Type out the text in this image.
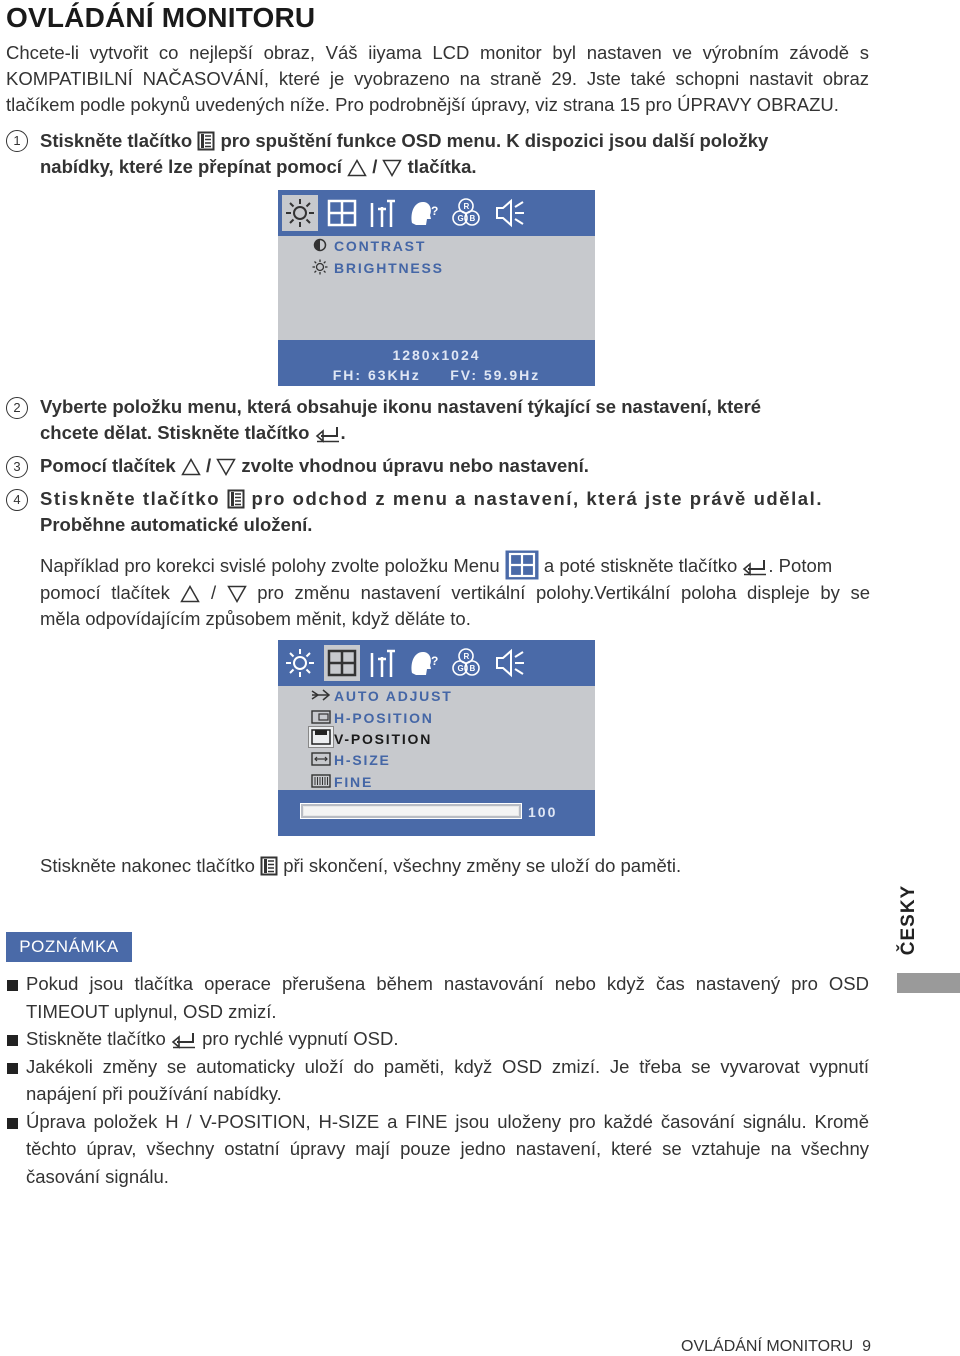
OVLÁDÁNÍ MONITORU
Chcete-li vytvořit co nejlepší obraz, Váš iiyama LCD monitor byl nastaven ve výrobním závodě s KOMPATIBILNÍ NAČASOVÁNÍ, které je vyobrazeno na straně 29. Jste také schopni nastavit obraz tlačíkem podle pokynů uvedených níže. Pro podrobnější úpravy, viz strana 15 pro ÚPRAVY OBRAZU.
1	Stiskněte tlačítko pro spuštění funkce OSD menu. K dispozici jsou další položky
nabídky, které lze přepínat pomocí / tlačítka.
?	R
G B
CONTRAST
BRIGHTNESS
1280x1024
FH: 63KHz     FV: 59.9Hz
2	Vyberte položku menu, která obsahuje ikonu nastavení týkající se nastavení, které
chcete dělat. Stiskněte tlačítko .
3	Pomocí tlačítek / zvolte vhodnou úpravu nebo nastavení.
4	Stiskněte tlačítko pro odchod z menu a nastavení, která jste právě udělal.
Proběhne automatické uložení.
Například pro korekci svislé polohy zvolte položku Menu a poté stiskněte tlačítko . Potom
pomocí tlačítek / pro změnu nastavení vertikální polohy.Vertikální poloha displeje by se
měla odpovídajícím způsobem měnit, když děláte to.
?	R
G B
AUTO ADJUST
H-POSITION
V-POSITION
H-SIZE
FINE
100
Stiskněte nakonec tlačítko při skončení, všechny změny se uloží do paměti.
ČESKY
POZNÁMKA
Pokud jsou tlačítka operace přerušena během nastavování nebo když čas nastavený pro OSD TIMEOUT uplynul, OSD zmizí.
Stiskněte tlačítko pro rychlé vypnutí OSD.
Jakékoli změny se automaticky uloží do paměti, když OSD zmizí. Je třeba se vyvarovat vypnutí napájení při používání nabídky.
Úprava položek H / V-POSITION, H-SIZE a FINE jsou uloženy pro každé časování signálu. Kromě těchto úprav, všechny ostatní úpravy mají pouze jedno nastavení, které se vztahuje na všechny časování signálu.
OVLÁDÁNÍ MONITORU  9
